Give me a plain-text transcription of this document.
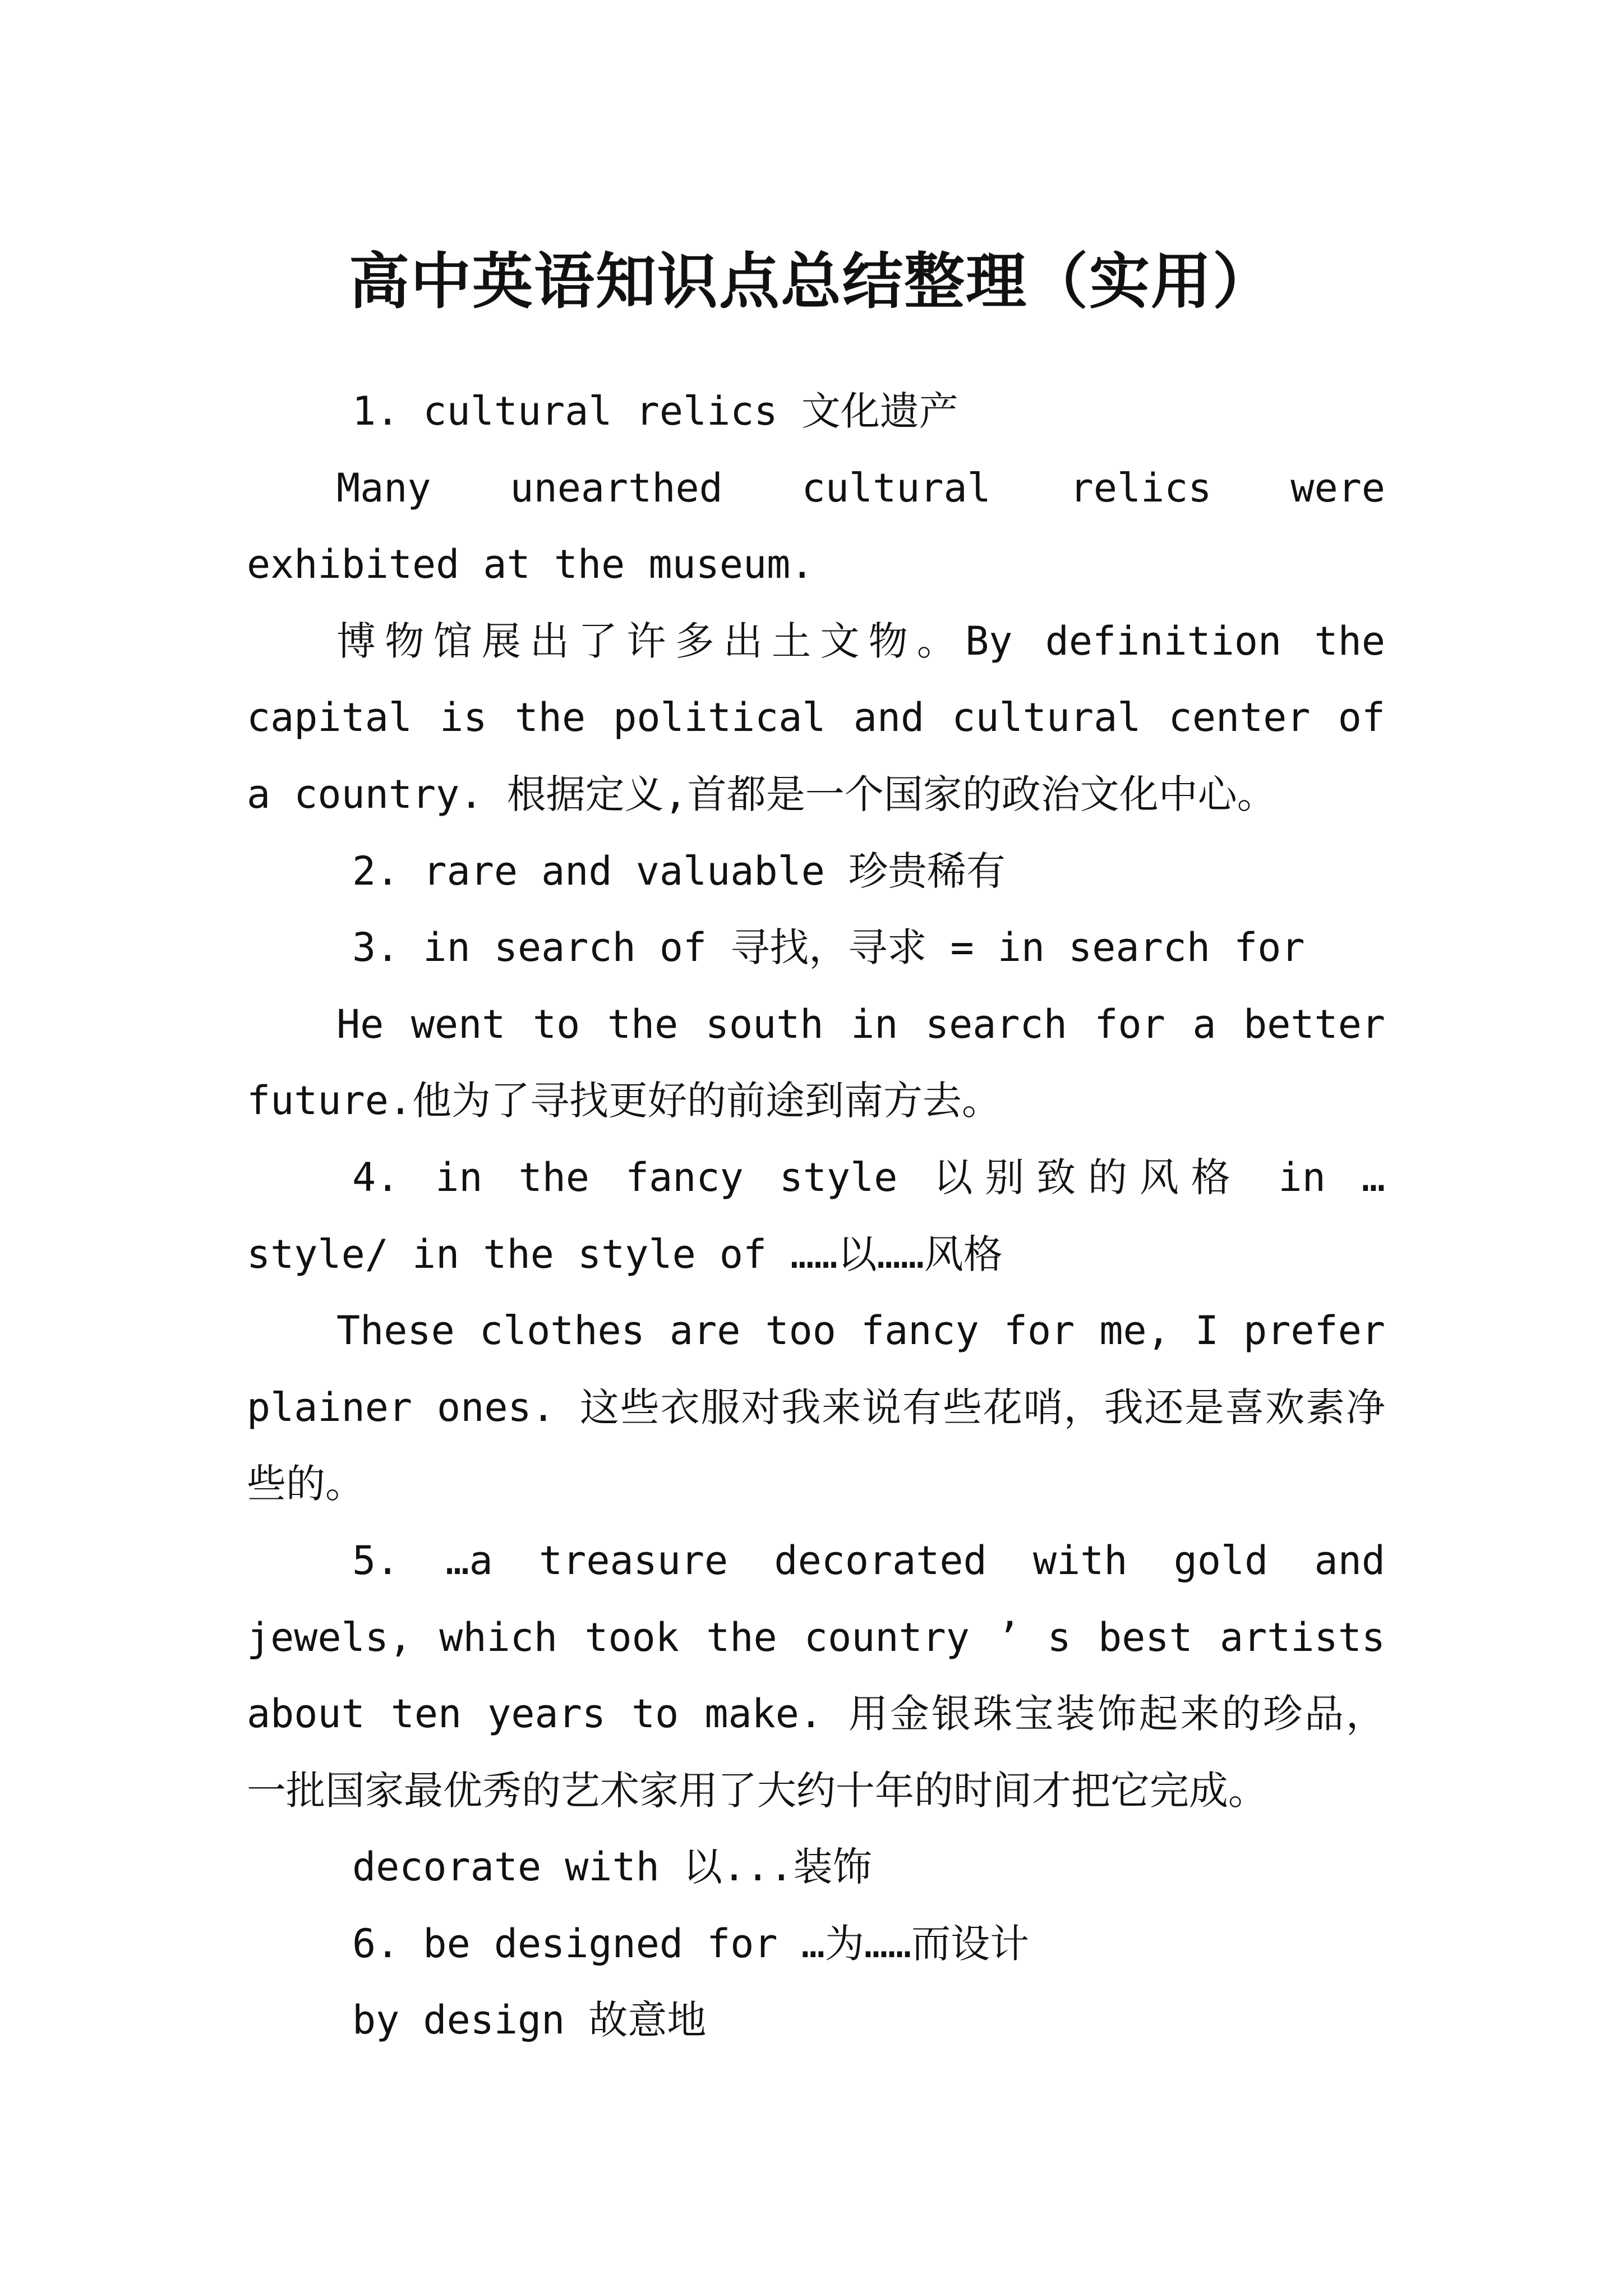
高中英语知识点总结整理（实用）

1. cultural relics 文化遗产

Many unearthed cultural relics were exhibited at the museum.

博物馆展出了许多出土文物。By definition the capital is the political and cultural center of a country. 根据定义,首都是一个国家的政治文化中心。

2. rare and valuable 珍贵稀有

3. in search of 寻找，寻求 = in search for

He went to the south in search for a better future.他为了寻找更好的前途到南方去。

4. in the fancy style 以别致的风格 in … style/ in the style of ……以……风格

These clothes are too fancy for me, I prefer plainer ones. 这些衣服对我来说有些花哨，我还是喜欢素净些的。

5. …a treasure decorated with gold and jewels, which took the country ’ s best artists about ten years to make. 用金银珠宝装饰起来的珍品，一批国家最优秀的艺术家用了大约十年的时间才把它完成。

decorate with 以...装饰

6. be designed for …为……而设计

by design 故意地
